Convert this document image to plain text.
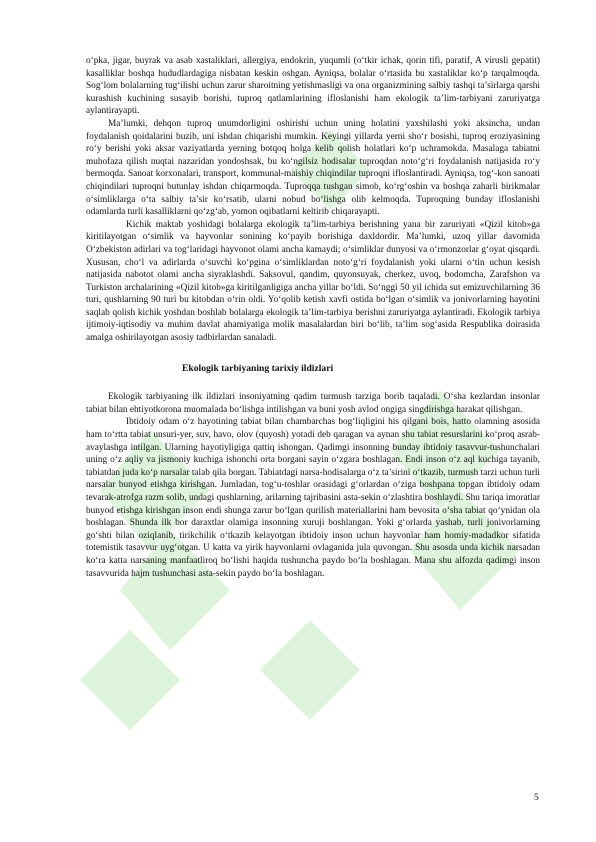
o‘pka, jigar, buyrak va asab xastaliklari, allergiya, endokrin, yuqumli (o‘tkir ichak, qorin tifi, paratif, A virusli gepatit) kasalliklar boshqa hududlardagiga nisbatan keskin oshgan. Ayniqsa, bolalar o‘rtasida bu xastaliklar ko‘p tarqalmoqda. Sog‘lom bolalarning tug‘ilishi uchun zarur sharoitning yetishmasligi va ona organizmining salbiy tashqi ta’sirlarga qarshi kurashish kuchining susayib borishi, tuproq qatlamlarining ifloslanishi ham ekologik ta’lim-tarbiyani zaruriyatga aylantirayapti.

Ma’lumki, dehqon tuproq unumdorligini oshirishi uchun uning holatini yaxshilashi yoki aksincha, undan foydalanish qoidalarini buzib, uni ishdan chiqarishi mumkin. Keyingi yillarda yerni sho‘r bosishi, tuproq eroziyasining ro‘y berishi yoki aksar vaziyatlarda yerning botqoq holga kelib qolish holatlari ko‘p uchramokda. Masalaga tabiatni muhofaza qilish nuqtai nazaridan yondoshsak, bu ko‘ngilsiz hodisalar tuproqdan noto‘g‘ri foydalanish natijasida ro‘y bermoqda. Sanoat korxonalari, transport, kommunal-maishiy chiqindilar tuproqni ifloslantiradi. Ayniqsa, tog‘-kon sanoati chiqindilari tuproqni butunlay ishdan chiqarmoqda. Tuproqqa tushgan simob, ko‘rg‘oshin va boshqa zaharli birikmalar o‘simliklarga o‘ta salbiy ta’sir ko‘rsatib, ularni nobud bo‘lishga olib kelmoqda. Tuproqning bunday ifloslanishi odamlarda turli kasalliklarni qo‘zg‘ab, yomon oqibatlarni keltirib chiqarayapti.

Kichik maktab yoshidagi bolalarga ekologik ta’lim-tarbiya berishning yana bir zaruriyati «Qizil kitob»ga kiritilayotgan o‘simlik va hayvonlar sonining ko‘payib borishiga daxldordir. Ma’lumki, uzoq yillar davomida O‘zbekiston adirlari va tog‘laridagi hayvonot olami ancha kamaydi; o‘simliklar dunyosi va o‘rmonzorlar g‘oyat qisqardi. Xususan, cho‘l va adirlarda o‘suvchi ko‘pgina o‘simliklardan noto‘g‘ri foydalanish yoki ularni o‘tin uchun kesish natijasida nabotot olami ancha siyraklashdi. Saksovul, qandim, quyonsuyak, cherkez, uvoq, bodomcha, Zarafshon va Turkiston archalarining «Qizil kitob»ga kiritilganligiga ancha yillar bo‘ldi. So‘nggi 50 yil ichida sut emizuvchilarning 36 turi, qushlarning 90 turi bu kitobdan o‘rin oldi. Yo‘qolib ketish xavfi ostida bo‘lgan o‘simlik va jonivorlarning hayotini saqlab qolish kichik yoshdan boshlab bolalarga ekologik ta’lim-tarbiya berishni zaruriyatga aylantiradi. Ekologik tarbiya ijtimoiy-iqtisodiy va muhim davlat ahamiyatiga molik masalalardan biri bo‘lib, ta’lim sog‘asida Respublika doirasida amalga oshirilayotgan asosiy tadbirlardan sanaladi.

Ekologik tarbiyaning tarixiy ildizlari

Ekologik tarbiyaning ilk ildizlari insoniyatning qadim turmush tarziga borib taqaladi. O‘sha kezlardan insonlar tabiat bilan ehtiyotkorona muomalada bo‘lishga intilishgan va buni yosh avlod ongiga singdirishga harakat qilishgan.

Ibtidoiy odam o‘z hayotining tabiat bilan chambarchas bog‘liqligini his qilgani bois, hatto olamning asosida ham to‘rtta tabiat unsuri-yer, suv, havo, olov (quyosh) yotadi deb qaragan va aynan shu tabiat resurslarini ko‘proq asrab-avaylashga intilgan. Ularning hayotiyligiga qattiq ishongan. Qadimgi insonning bunday ibtidoiy tasavvur-tushunchalari uning o‘z aqliy va jismoniy kuchiga ishonchi orta borgani sayin o‘zgara boshlagan. Endi inson o‘z aql kuchiga tayanib, tabiatdan juda ko‘p narsalar talab qila borgan. Tabiatdagi narsa-hodisalarga o‘z ta’sirini o‘tkazib, turmush tarzi uchun turli narsalar bunyod etishga kirishgan. Jumladan, tog‘u-toshlar orasidagi g‘orlardan o‘ziga boshpana topgan ibtidoiy odam tevarak-atrofga razm solib, undagi qushlarning, arilarning tajribasini asta-sekin o‘zlashtira boshlaydi. Shu tariqa imoratlar bunyod etishga kirishgan inson endi shunga zarur bo‘lgan qurilish materiallarini ham bevosita o‘sha tabiat qo‘ynidan ola boshlagan. Shunda ilk bor daraxtlar olamiga insonning xuruji boshlangan. Yoki g‘orlarda yashab, turli jonivorlarning go‘shti bilan oziqlanib, tirikchilik o‘tkazib kelayotgan ibtidoiy inson uchun hayvonlar ham homiy-madadkor sifatida totemistik tasavvur uyg‘otgan. U katta va yirik hayvonlarni ovlaganida jula quvongan. Shu asosda unda kichik narsadan ko‘ra katta narsaning manfaatliroq bo‘lishi haqida tushuncha paydo bo‘la boshlagan. Mana shu alfozda qadimgi inson tasavvurida hajm tushunchasi asta-sekin paydo bo‘la boshlagan.

5
